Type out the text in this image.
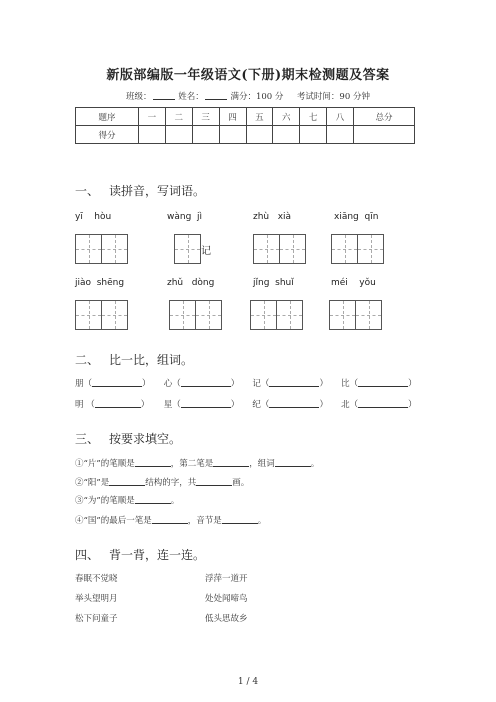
新版部编版一年级语文(下册)期末检测题及答案
班级：	姓名：	满分：100 分 考试时间：90 分钟
题序	一	二	三	四	五	六	七	八	总分
得分									
一、 读拼音，写词语。
yī    hòu	wàng  jì	zhù   xià	xiāng  qīn
记
jiào  shēng	zhǔ   dòng	jǐng  shuǐ	méi    yǒu
二、 比一比，组词。
朋（	） 心（	） 记（	） 比（	）
明 （	） 星（	） 纪（	） 北（	）
三、 按要求填空。
①“片”的笔顺是	，第二笔是	，组词	。
②“阳”是	结构的字，共	画。
③“为”的笔顺是	。
④“国”的最后一笔是	，音节是	。
四、 背一背，连一连。
春眠不觉晓
举头望明月
松下问童子
浮萍一道开
处处闻啼鸟
低头思故乡
1 / 4
